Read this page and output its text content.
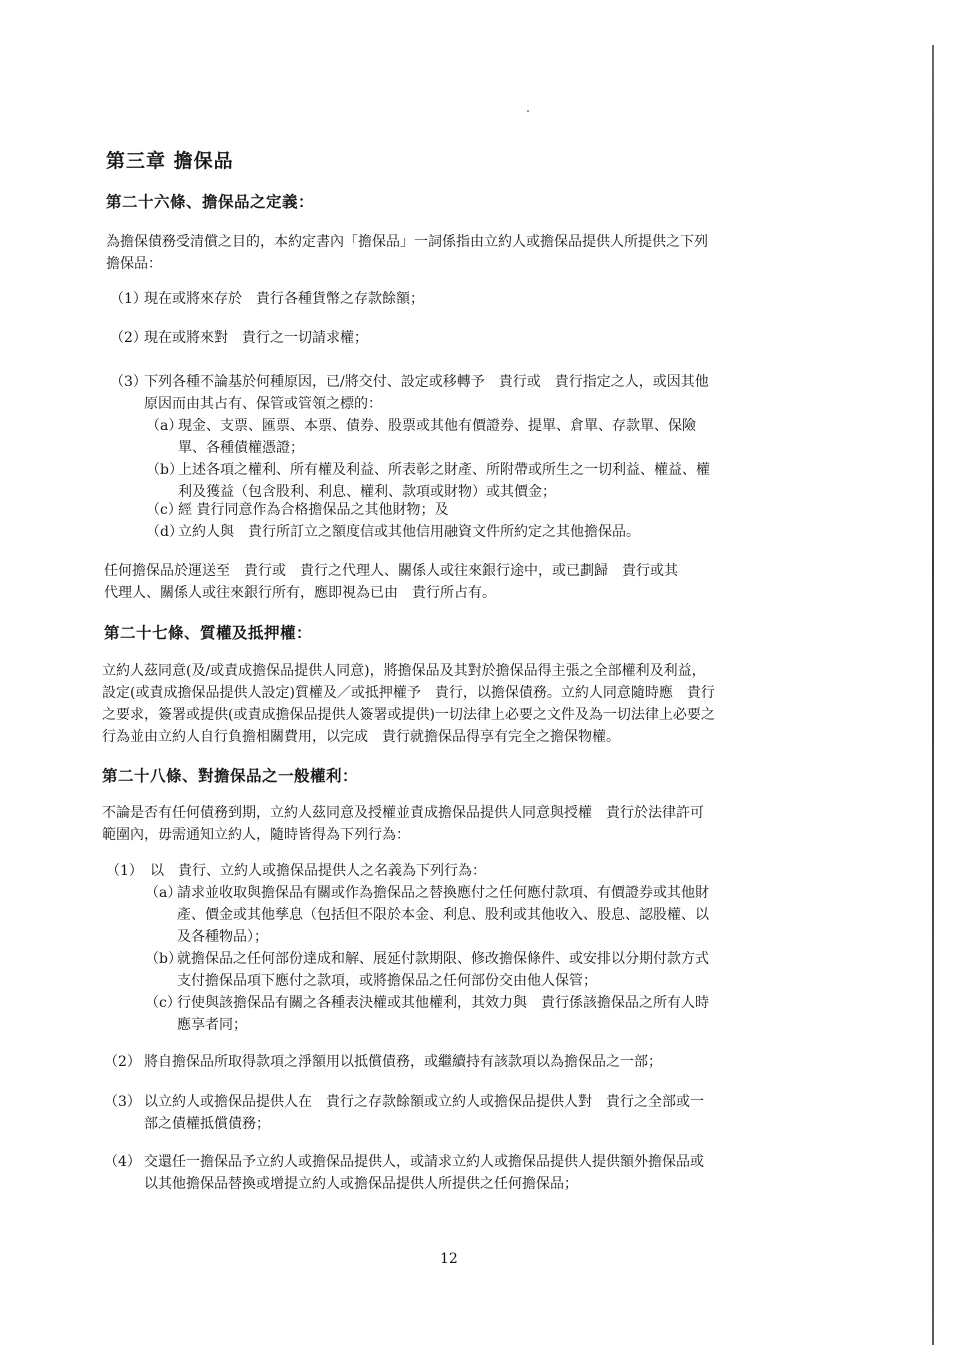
第三章 擔保品
第二十六條、擔保品之定義：
為擔保債務受清償之目的，本約定書內「擔保品」一詞係指由立約人或擔保品提供人所提供之下列
擔保品：
（1）現在或將來存於　貴行各種貨幣之存款餘額；
（2）現在或將來對　貴行之一切請求權；
（3）下列各種不論基於何種原因，已/將交付、設定或移轉予　貴行或　貴行指定之人，或因其他
原因而由其占有、保管或管領之標的：
（a）現金、支票、匯票、本票、債券、股票或其他有價證券、提單、倉單、存款單、保險
單、各種債權憑證；
（b）上述各項之權利、所有權及利益、所表彰之財產、所附帶或所生之一切利益、權益、權
利及獲益（包含股利、利息、權利、款項或財物）或其價金；
（c）經 貴行同意作為合格擔保品之其他財物；及
（d）立約人與　貴行所訂立之額度信或其他信用融資文件所約定之其他擔保品。
任何擔保品於運送至　貴行或　貴行之代理人、關係人或往來銀行途中，或已劃歸　貴行或其
代理人、關係人或往來銀行所有，應即視為已由　貴行所占有。
第二十七條、質權及抵押權：
立約人茲同意(及/或責成擔保品提供人同意)，將擔保品及其對於擔保品得主張之全部權利及利益，
設定(或責成擔保品提供人設定)質權及／或抵押權予　貴行，以擔保債務。立約人同意隨時應　貴行
之要求，簽署或提供(或責成擔保品提供人簽署或提供)一切法律上必要之文件及為一切法律上必要之
行為並由立約人自行負擔相關費用，以完成　貴行就擔保品得享有完全之擔保物權。
第二十八條、對擔保品之一般權利：
不論是否有任何債務到期，立約人茲同意及授權並責成擔保品提供人同意與授權　貴行於法律許可
範圍內，毋需通知立約人，隨時皆得為下列行為：
（1） 以　貴行、立約人或擔保品提供人之名義為下列行為：
（a）請求並收取與擔保品有關或作為擔保品之替換應付之任何應付款項、有價證券或其他財
產、價金或其他孳息（包括但不限於本金、利息、股利或其他收入、股息、認股權、以
及各種物品）；
（b）就擔保品之任何部份達成和解、展延付款期限、修改擔保條件、或安排以分期付款方式
支付擔保品項下應付之款項，或將擔保品之任何部份交由他人保管；
（c）行使與該擔保品有關之各種表決權或其他權利，其效力與　貴行係該擔保品之所有人時
應享者同；
（2） 將自擔保品所取得款項之淨額用以抵償債務，或繼續持有該款項以為擔保品之一部；
（3） 以立約人或擔保品提供人在　貴行之存款餘額或立約人或擔保品提供人對　貴行之全部或一
部之債權抵償債務；
（4） 交還任一擔保品予立約人或擔保品提供人，或請求立約人或擔保品提供人提供額外擔保品或
以其他擔保品替換或增提立約人或擔保品提供人所提供之任何擔保品；
12
